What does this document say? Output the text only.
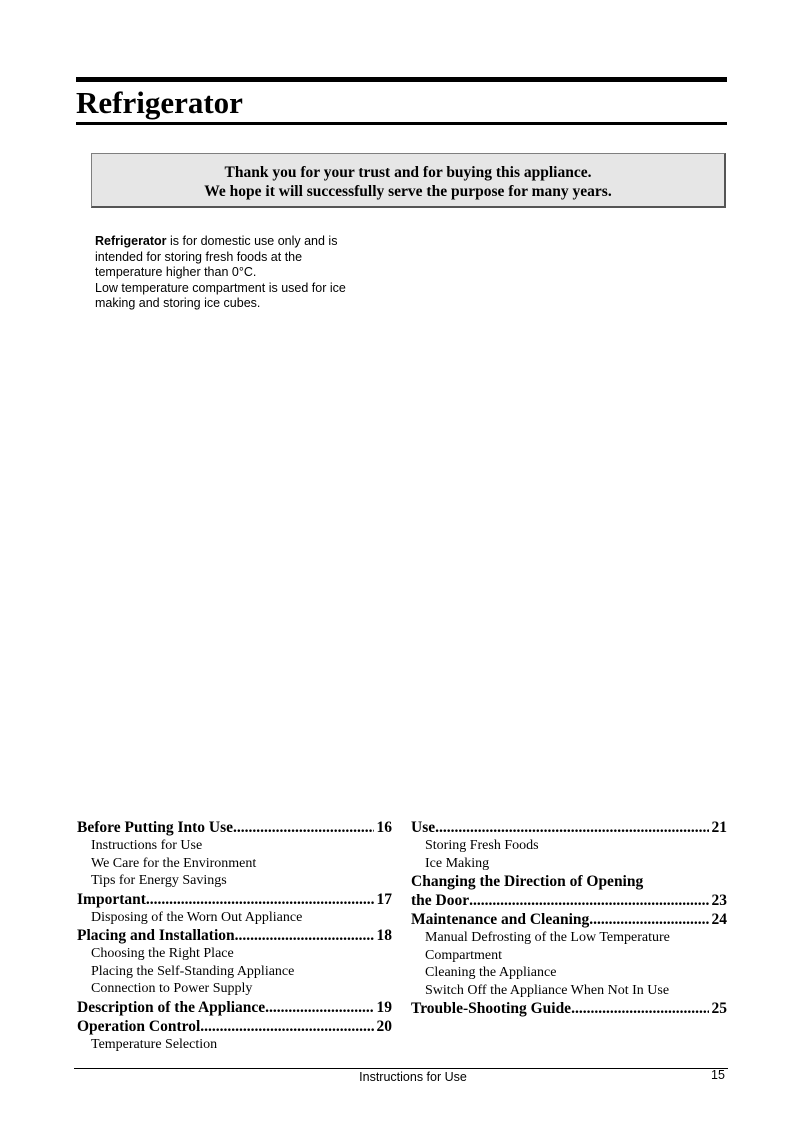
Refrigerator
Thank you for your trust and for buying this appliance.
We hope it will successfully serve the purpose for many years.
Refrigerator is for domestic use only and is
intended for storing fresh foods at the
temperature higher than 0°C.
Low temperature compartment is used for ice
making and storing ice cubes.
Before Putting Into Use .....	16
Instructions for Use
We Care for the Environment
Tips for Energy Savings
Important .....	17
Disposing of the Worn Out Appliance
Placing and Installation .....	18
Choosing the Right Place
Placing the Self-Standing Appliance
Connection to Power Supply
Description of the Appliance .....	19
Operation Control .....	20
Temperature Selection
Use .....	21
Storing Fresh Foods
Ice Making
Changing the Direction of Opening
the Door .....	23
Maintenance and Cleaning .....	24
Manual Defrosting of the Low Temperature
Compartment
Cleaning the Appliance
Switch Off the Appliance When Not In Use
Trouble-Shooting Guide .....	25
Instructions for Use	15
